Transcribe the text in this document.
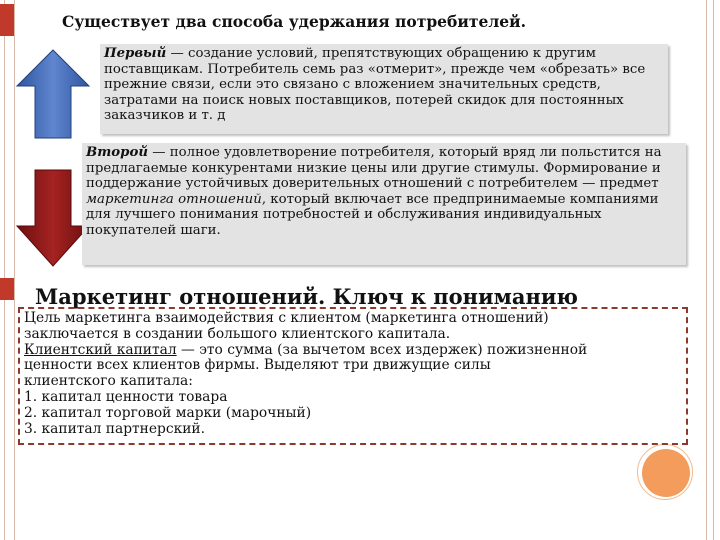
Существует два способа удержания потребителей.
Первый — создание условий, препятствующих обращению к другим поставщикам. Потребитель семь раз «отмерит», прежде чем «обрезать» все прежние связи, если это связано с вложением значительных средств, затратами на поиск новых поставщиков, потерей скидок для постоянных заказчиков и т. д
Второй — полное удовлетворение потребителя, который вряд ли польстится на предлагаемые конкурентами низкие цены или другие стимулы. Формирование и поддержание устойчивых доверительных отношений с потребителем — предмет маркетинга отношений, который включает все предпринимаемые компаниями для лучшего понимания потребностей и обслуживания индивидуальных покупателей шаги.
Маркетинг отношений. Ключ к пониманию
Цель маркетинга взаимодействия с клиентом (маркетинга отношений)
заключается в создании большого клиентского капитала.
Клиентский капитал — это сумма (за вычетом всех издержек) пожизненной
ценности всех клиентов фирмы. Выделяют три движущие силы
клиентского капитала:
1. капитал ценности товара
2. капитал торговой марки (марочный)
3. капитал партнерский.
